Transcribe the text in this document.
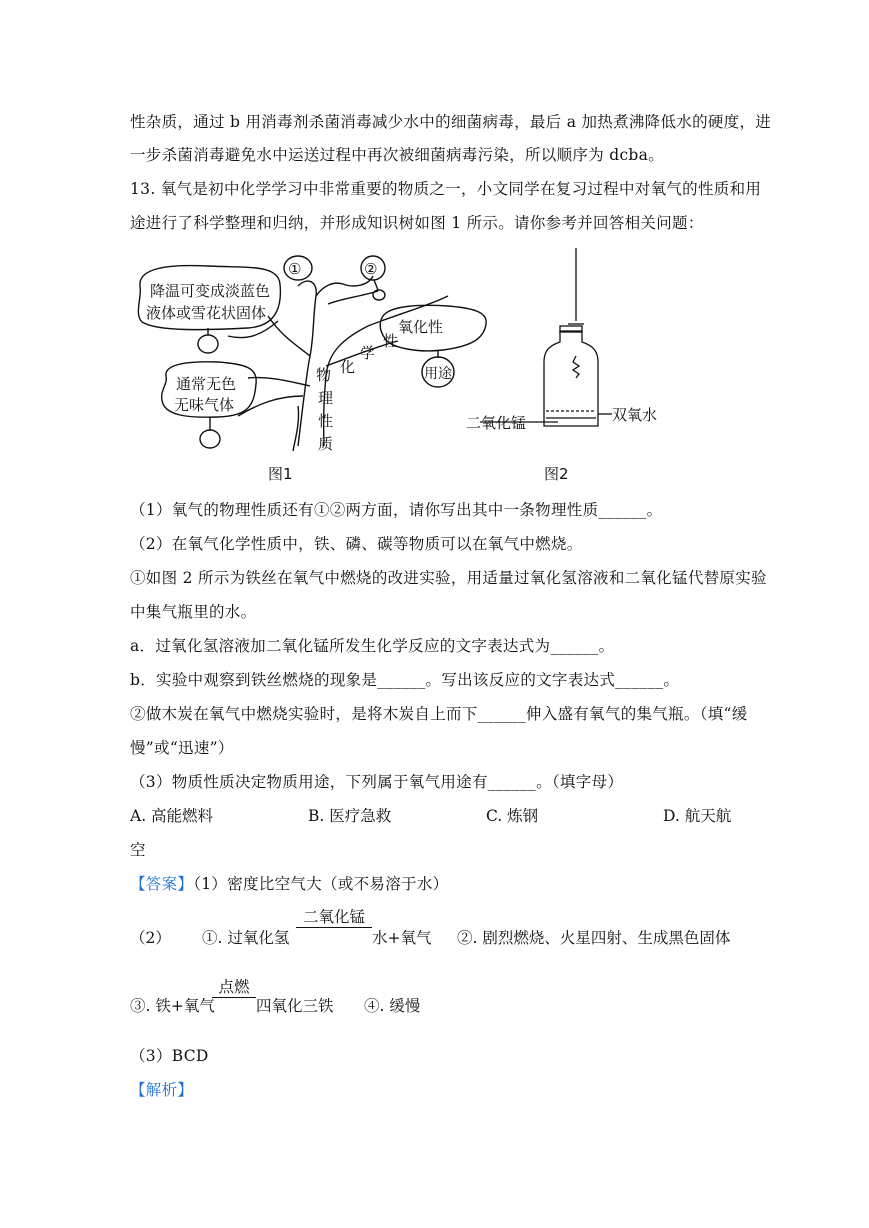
性杂质，通过 b 用消毒剂杀菌消毒减少水中的细菌病毒，最后 a 加热煮沸降低水的硬度，进
一步杀菌消毒避免水中运送过程中再次被细菌病毒污染，所以顺序为 dcba。
13. 氧气是初中化学学习中非常重要的物质之一，小文同学在复习过程中对氧气的性质和用
途进行了科学整理和归纳，并形成知识树如图 1 所示。请你参考并回答相关问题：
降温可变成淡蓝色
液体或雪花状固体
通常无色
无味气体
①	②
氧化性
用途
物
理
性
质
化
学
性
图1
二氧化锰	双氧水
图2
（1）氧气的物理性质还有①②两方面，请你写出其中一条物理性质______。
（2）在氧气化学性质中，铁、磷、碳等物质可以在氧气中燃烧。
①如图 2 所示为铁丝在氧气中燃烧的改进实验，用适量过氧化氢溶液和二氧化锰代替原实验
中集气瓶里的水。
a．过氧化氢溶液加二氧化锰所发生化学反应的文字表达式为______。
b．实验中观察到铁丝燃烧的现象是______。写出该反应的文字表达式______。
②做木炭在氧气中燃烧实验时，是将木炭自上而下______伸入盛有氧气的集气瓶。（填“缓
慢”或“迅速”）
（3）物质性质决定物质用途，下列属于氧气用途有______。（填字母）
A. 高能燃料	B. 医疗急救	C. 炼钢	D. 航天航
空
【答案】（1）密度比空气大（或不易溶于水）
（2） ①. 过氧化氢
二氧化锰
水+氧气 ②. 剧烈燃烧、火星四射、生成黑色固体
③. 铁+氧气
点燃
四氧化三铁 ④. 缓慢
（3）BCD
【解析】
